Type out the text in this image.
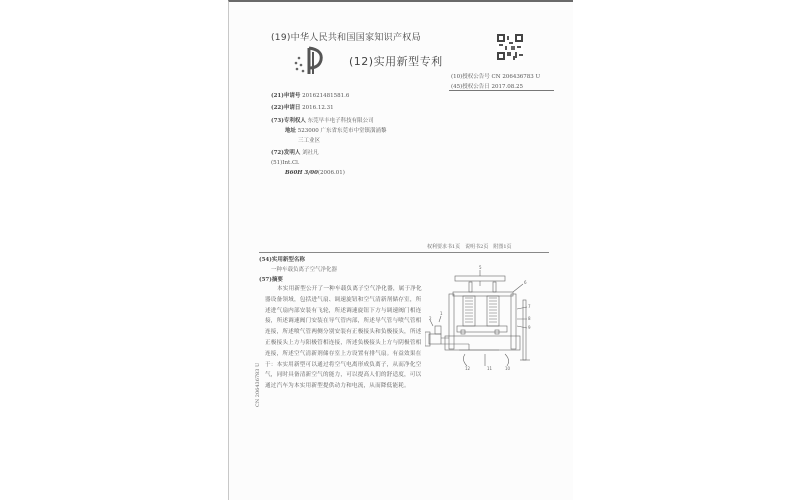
(19)中华人民共和国国家知识产权局
(12)实用新型专利
(10)授权公告号 CN 206436783 U
(45)授权公告日 2017.08.25
(21)申请号 201621481581.6
(22)申请日 2016.12.31
(73)专利权人 东莞早丰电子科技有限公司
地址 523000 广东省东莞市中堂镇潢涌黎
三工业区
(72)发明人 刘社凡
(51)Int.Cl.
B60H 3/00(2006.01)
权利要求书1页　说明书2页　附图1页
(54)实用新型名称
一种车载负离子空气净化器
(57)摘要
本实用新型公开了一种车载负离子空气净化器，属于净化器设备领域，包括进气扇、调速旋钮和空气清新剂储存室，所述进气扇内部安装有飞轮，所述调速旋钮下方与调速阀门相连接，所述调速阀门安装在导气管内部，所述导气管与喷气管相连接，所述喷气管两侧分别安装有正极接头和负极接头，所述正极接头上方与阳极管相连接，所述负极接头上方与阴极管相连接，所述空气清新剂储存室上方设置有排气扇。有益效果在于：本实用新型可以通过将空气电离形成负离子，从而净化空气，同时具备清新空气的能力，可以提高人们的舒适度，可以通过汽车为本实用新型提供动力和电流，从而降低能耗。
CN 206436783 U
5
6
7
8
9
2
1
12	11	10
